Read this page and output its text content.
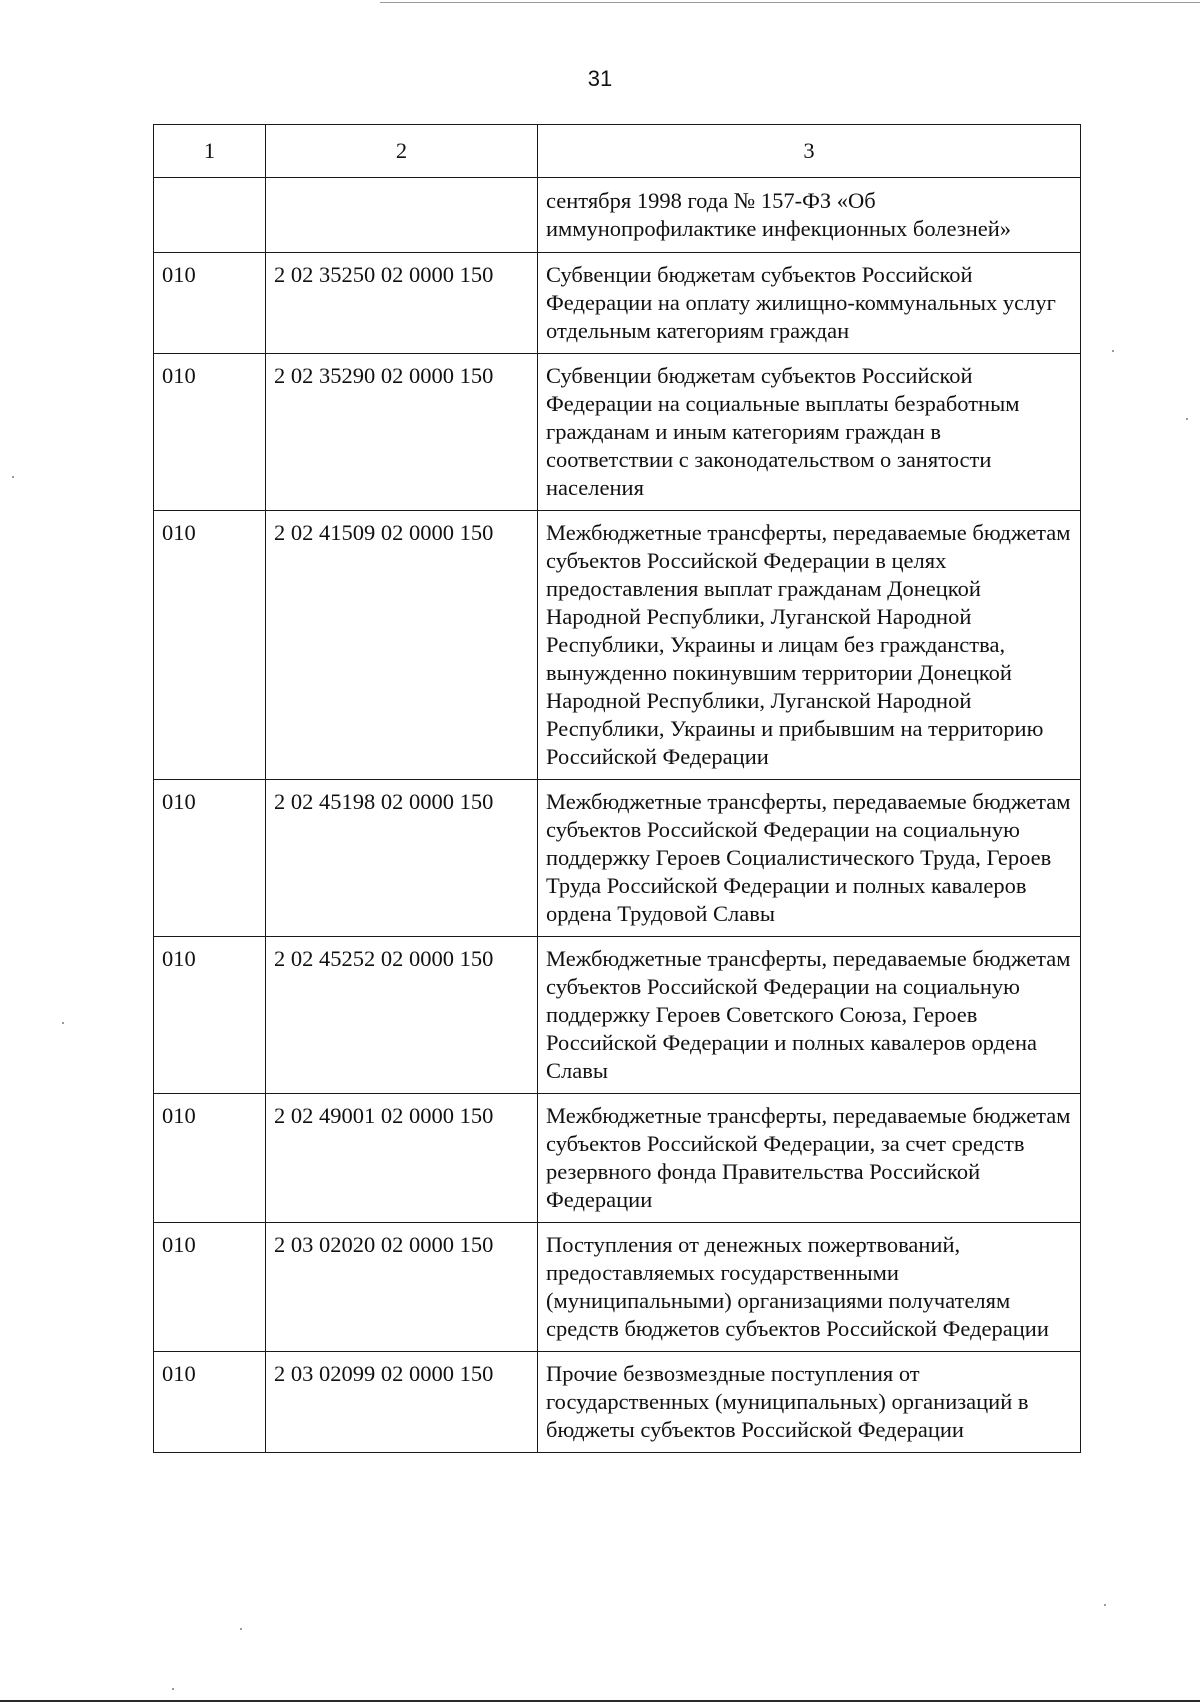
31
1	2	3
		сентября 1998 года № 157-ФЗ «Об иммунопрофилактике инфекционных болезней»
010	2 02 35250 02 0000 150	Субвенции бюджетам субъектов Российской Федерации на оплату жилищно-коммунальных услуг отдельным категориям граждан
010	2 02 35290 02 0000 150	Субвенции бюджетам субъектов Российской Федерации на социальные выплаты безработным гражданам и иным категориям граждан в соответствии с законодательством о занятости населения
010	2 02 41509 02 0000 150	Межбюджетные трансферты, передаваемые бюджетам субъектов Российской Федерации в целях предоставления выплат гражданам Донецкой Народной Республики, Луганской Народной Республики, Украины и лицам без гражданства, вынужденно покинувшим территории Донецкой Народной Республики, Луганской Народной Республики, Украины и прибывшим на территорию Российской Федерации
010	2 02 45198 02 0000 150	Межбюджетные трансферты, передаваемые бюджетам субъектов Российской Федерации на социальную поддержку Героев Социалистического Труда, Героев Труда Российской Федерации и полных кавалеров ордена Трудовой Славы
010	2 02 45252 02 0000 150	Межбюджетные трансферты, передаваемые бюджетам субъектов Российской Федерации на социальную поддержку Героев Советского Союза, Героев Российской Федерации и полных кавалеров ордена Славы
010	2 02 49001 02 0000 150	Межбюджетные трансферты, передаваемые бюджетам субъектов Российской Федерации, за счет средств резервного фонда Правительства Российской Федерации
010	2 03 02020 02 0000 150	Поступления от денежных пожертвований, предоставляемых государственными (муниципальными) организациями получателям средств бюджетов субъектов Российской Федерации
010	2 03 02099 02 0000 150	Прочие безвозмездные поступления от государственных (муниципальных) организаций в бюджеты субъектов Российской Федерации
